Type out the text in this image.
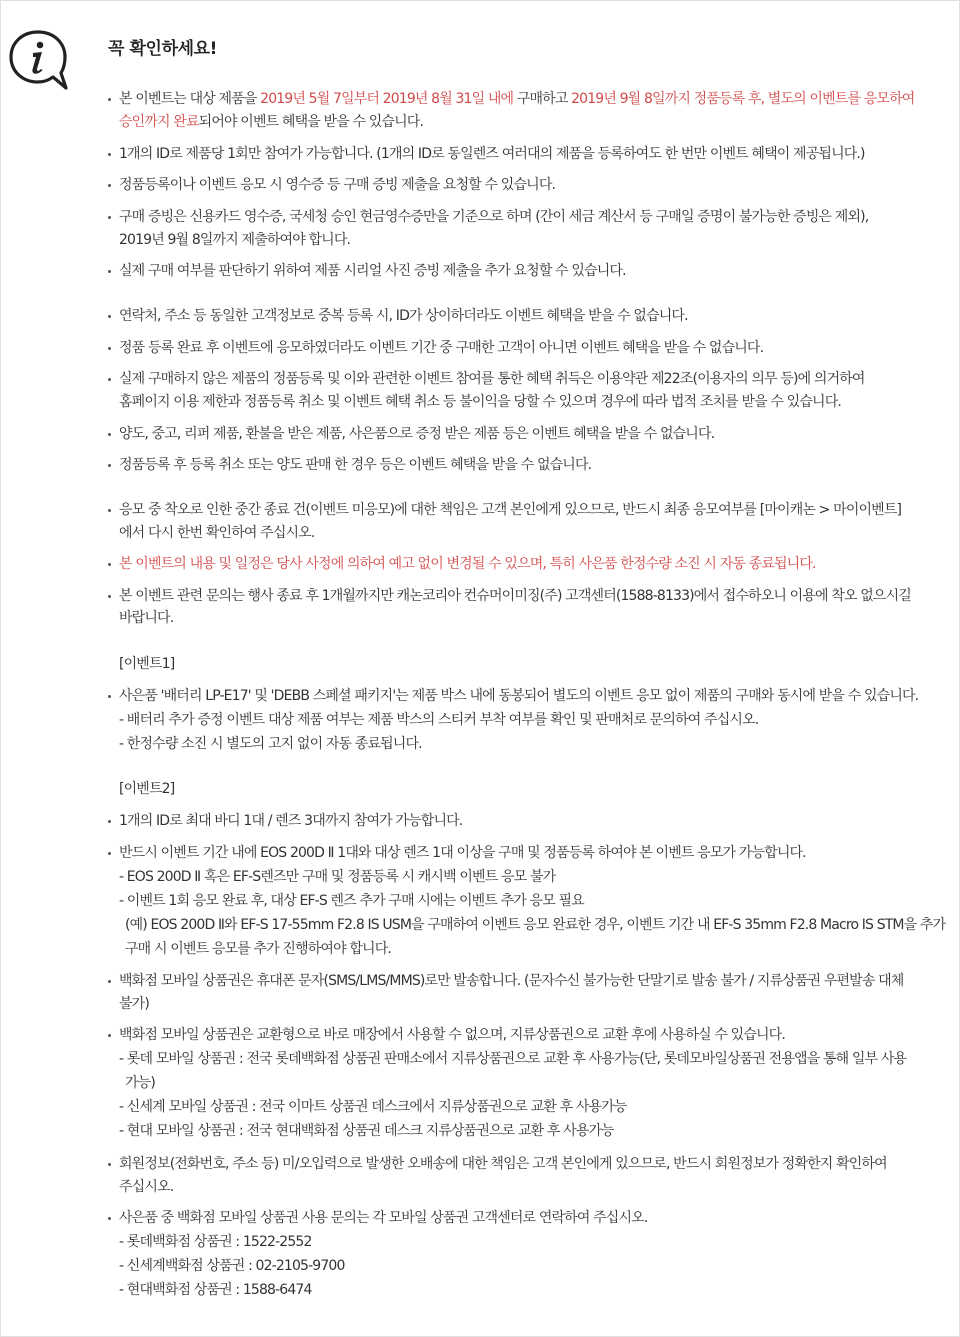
꼭 확인하세요!
본 이벤트는 대상 제품을 2019년 5월 7일부터 2019년 8월 31일 내에 구매하고 2019년 9월 8일까지 정품등록 후, 별도의 이벤트를 응모하여
승인까지 완료되어야 이벤트 혜택을 받을 수 있습니다.
1개의 ID로 제품당 1회만 참여가 가능합니다. (1개의 ID로 동일렌즈 여러대의 제품을 등록하여도 한 번만 이벤트 혜택이 제공됩니다.)
정품등록이나 이벤트 응모 시 영수증 등 구매 증빙 제출을 요청할 수 있습니다.
구매 증빙은 신용카드 영수증, 국세청 승인 현금영수증만을 기준으로 하며 (간이 세금 계산서 등 구매일 증명이 불가능한 증빙은 제외),
2019년 9월 8일까지 제출하여야 합니다.
실제 구매 여부를 판단하기 위하여 제품 시리얼 사진 증빙 제출을 추가 요청할 수 있습니다.
연락처, 주소 등 동일한 고객정보로 중복 등록 시, ID가 상이하더라도 이벤트 혜택을 받을 수 없습니다.
정품 등록 완료 후 이벤트에 응모하였더라도 이벤트 기간 중 구매한 고객이 아니면 이벤트 혜택을 받을 수 없습니다.
실제 구매하지 않은 제품의 정품등록 및 이와 관련한 이벤트 참여를 통한 혜택 취득은 이용약관 제22조(이용자의 의무 등)에 의거하여
홈페이지 이용 제한과 정품등록 취소 및 이벤트 혜택 취소 등 불이익을 당할 수 있으며 경우에 따라 법적 조치를 받을 수 있습니다.
양도, 중고, 리퍼 제품, 환불을 받은 제품, 사은품으로 증정 받은 제품 등은 이벤트 혜택을 받을 수 없습니다.
정품등록 후 등록 취소 또는 양도 판매 한 경우 등은 이벤트 혜택을 받을 수 없습니다.
응모 중 착오로 인한 중간 종료 건(이벤트 미응모)에 대한 책임은 고객 본인에게 있으므로, 반드시 최종 응모여부를 [마이캐논 > 마이이벤트]
에서 다시 한번 확인하여 주십시오.
본 이벤트의 내용 및 일정은 당사 사정에 의하여 예고 없이 변경될 수 있으며, 특히 사은품 한정수량 소진 시 자동 종료됩니다.
본 이벤트 관련 문의는 행사 종료 후 1개월까지만 캐논코리아 컨슈머이미징(주) 고객센터(1588-8133)에서 접수하오니 이용에 착오 없으시길
바랍니다.
[이벤트1]
사은품 '배터리 LP-E17' 및 'DEBB 스페셜 패키지'는 제품 박스 내에 동봉되어 별도의 이벤트 응모 없이 제품의 구매와 동시에 받을 수 있습니다.
- 배터리 추가 증정 이벤트 대상 제품 여부는 제품 박스의 스티커 부착 여부를 확인 및 판매처로 문의하여 주십시오.
- 한정수량 소진 시 별도의 고지 없이 자동 종료됩니다.
[이벤트2]
1개의 ID로 최대 바디 1대 / 렌즈 3대까지 참여가 가능합니다.
반드시 이벤트 기간 내에 EOS 200D Ⅱ 1대와 대상 렌즈 1대 이상을 구매 및 정품등록 하여야 본 이벤트 응모가 가능합니다.
- EOS 200D Ⅱ 혹은 EF-S렌즈만 구매 및 정품등록 시 캐시백 이벤트 응모 불가
- 이벤트 1회 응모 완료 후, 대상 EF-S 렌즈 추가 구매 시에는 이벤트 추가 응모 필요
(예) EOS 200D Ⅱ와 EF-S 17-55mm F2.8 IS USM을 구매하여 이벤트 응모 완료한 경우, 이벤트 기간 내 EF-S 35mm F2.8 Macro IS STM을 추가
구매 시 이벤트 응모를 추가 진행하여야 합니다.
백화점 모바일 상품권은 휴대폰 문자(SMS/LMS/MMS)로만 발송합니다. (문자수신 불가능한 단말기로 발송 불가 / 지류상품권 우편발송 대체
불가)
백화점 모바일 상품권은 교환형으로 바로 매장에서 사용할 수 없으며, 지류상품권으로 교환 후에 사용하실 수 있습니다.
- 롯데 모바일 상품권 : 전국 롯데백화점 상품권 판매소에서 지류상품권으로 교환 후 사용가능(단, 롯데모바일상품권 전용앱을 통해 일부 사용
가능)
- 신세계 모바일 상품권 : 전국 이마트 상품권 데스크에서 지류상품권으로 교환 후 사용가능
- 현대 모바일 상품권 : 전국 현대백화점 상품권 데스크 지류상품권으로 교환 후 사용가능
회원정보(전화번호, 주소 등) 미/오입력으로 발생한 오배송에 대한 책임은 고객 본인에게 있으므로, 반드시 회원정보가 정확한지 확인하여
주십시오.
사은품 중 백화점 모바일 상품권 사용 문의는 각 모바일 상품권 고객센터로 연락하여 주십시오.
- 롯데백화점 상품권 : 1522-2552
- 신세계백화점 상품권 : 02-2105-9700
- 현대백화점 상품권 : 1588-6474
